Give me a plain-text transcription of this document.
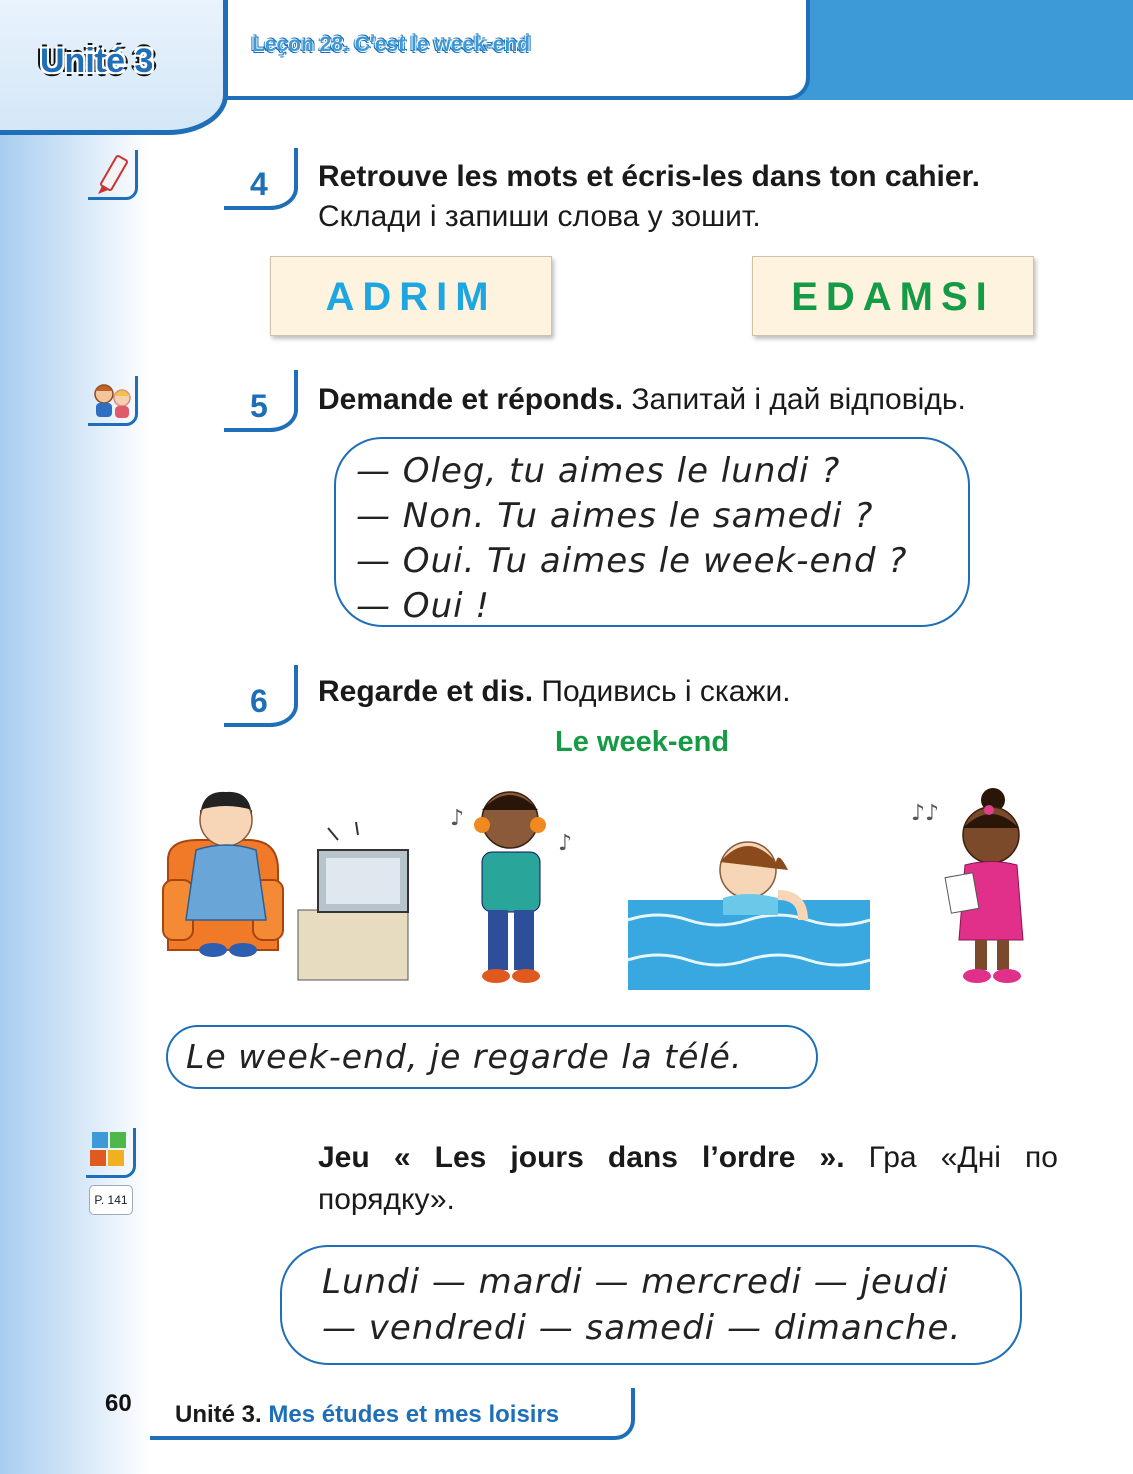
Unité 3	Leçon 28. C'est le week-end
4 Retrouve les mots et écris-les dans ton cahier.
Склади і запиши слова у зошит.
ADRIM	EDAMSI
5 Demande et réponds. Запитай і дай відповідь.
— Oleg, tu aimes le lundi ?
— Non. Tu aimes le samedi ?
— Oui. Tu aimes le week-end ?
— Oui !
6 Regarde et dis. Подивись і скажи.
Le week-end
♪
♪
♪♪
Le week-end, je regarde la télé.
P. 141
Jeu « Les jours dans l’ordre ». Гра «Дні по порядку».
Lundi — mardi — mercredi — jeudi
— vendredi — samedi — dimanche.
60 Unité 3. Mes études et mes loisirs
